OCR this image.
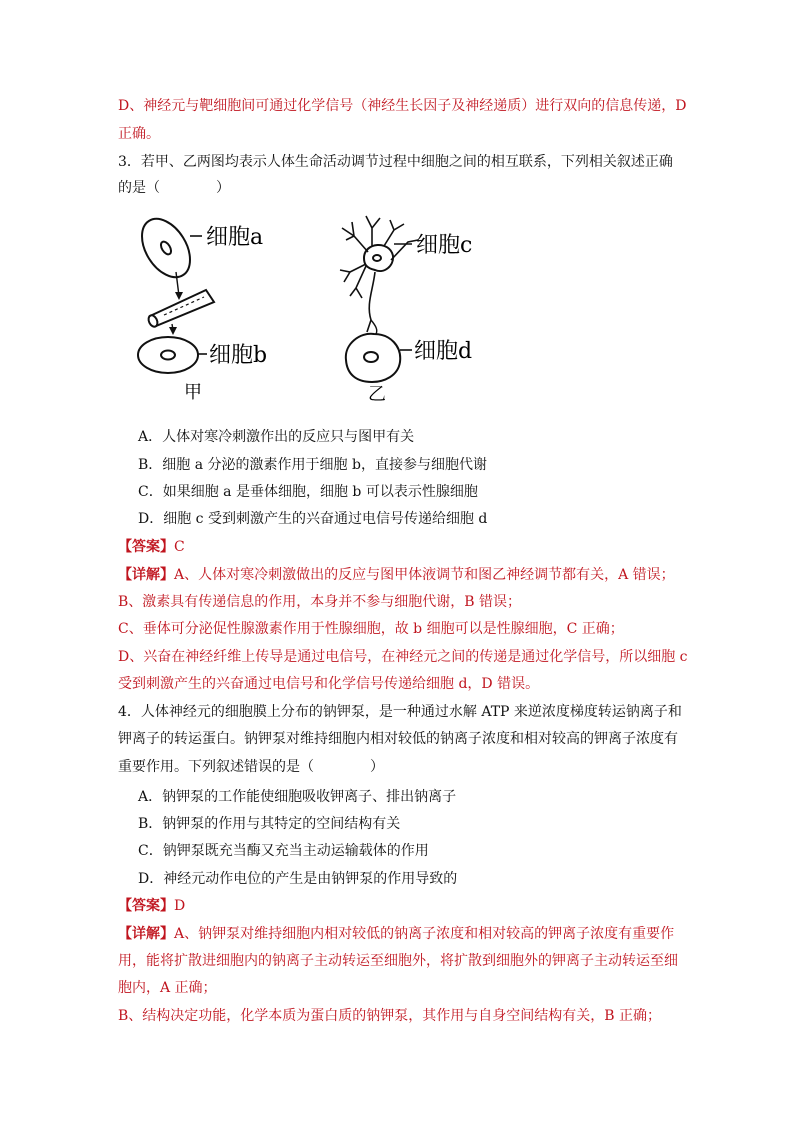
D、神经元与靶细胞间可通过化学信号（神经生长因子及神经递质）进行双向的信息传递，D
正确。
3．若甲、乙两图均表示人体生命活动调节过程中细胞之间的相互联系，下列相关叙述正确
的是（　　　　）
细胞a
细胞b
细胞c
细胞d
甲	乙
A．人体对寒冷刺激作出的反应只与图甲有关
B．细胞 a 分泌的激素作用于细胞 b，直接参与细胞代谢
C．如果细胞 a 是垂体细胞，细胞 b 可以表示性腺细胞
D．细胞 c 受到刺激产生的兴奋通过电信号传递给细胞 d
【答案】C
【详解】A、人体对寒冷刺激做出的反应与图甲体液调节和图乙神经调节都有关，A 错误；
B、激素具有传递信息的作用，本身并不参与细胞代谢，B 错误；
C、垂体可分泌促性腺激素作用于性腺细胞，故 b 细胞可以是性腺细胞，C 正确；
D、兴奋在神经纤维上传导是通过电信号，在神经元之间的传递是通过化学信号，所以细胞 c
受到刺激产生的兴奋通过电信号和化学信号传递给细胞 d，D 错误。
4．人体神经元的细胞膜上分布的钠钾泵，是一种通过水解 ATP 来逆浓度梯度转运钠离子和
钾离子的转运蛋白。钠钾泵对维持细胞内相对较低的钠离子浓度和相对较高的钾离子浓度有
重要作用。下列叙述错误的是（　　　　）
A．钠钾泵的工作能使细胞吸收钾离子、排出钠离子
B．钠钾泵的作用与其特定的空间结构有关
C．钠钾泵既充当酶又充当主动运输载体的作用
D．神经元动作电位的产生是由钠钾泵的作用导致的
【答案】D
【详解】A、钠钾泵对维持细胞内相对较低的钠离子浓度和相对较高的钾离子浓度有重要作
用，能将扩散进细胞内的钠离子主动转运至细胞外，将扩散到细胞外的钾离子主动转运至细
胞内，A 正确；
B、结构决定功能，化学本质为蛋白质的钠钾泵，其作用与自身空间结构有关，B 正确；
